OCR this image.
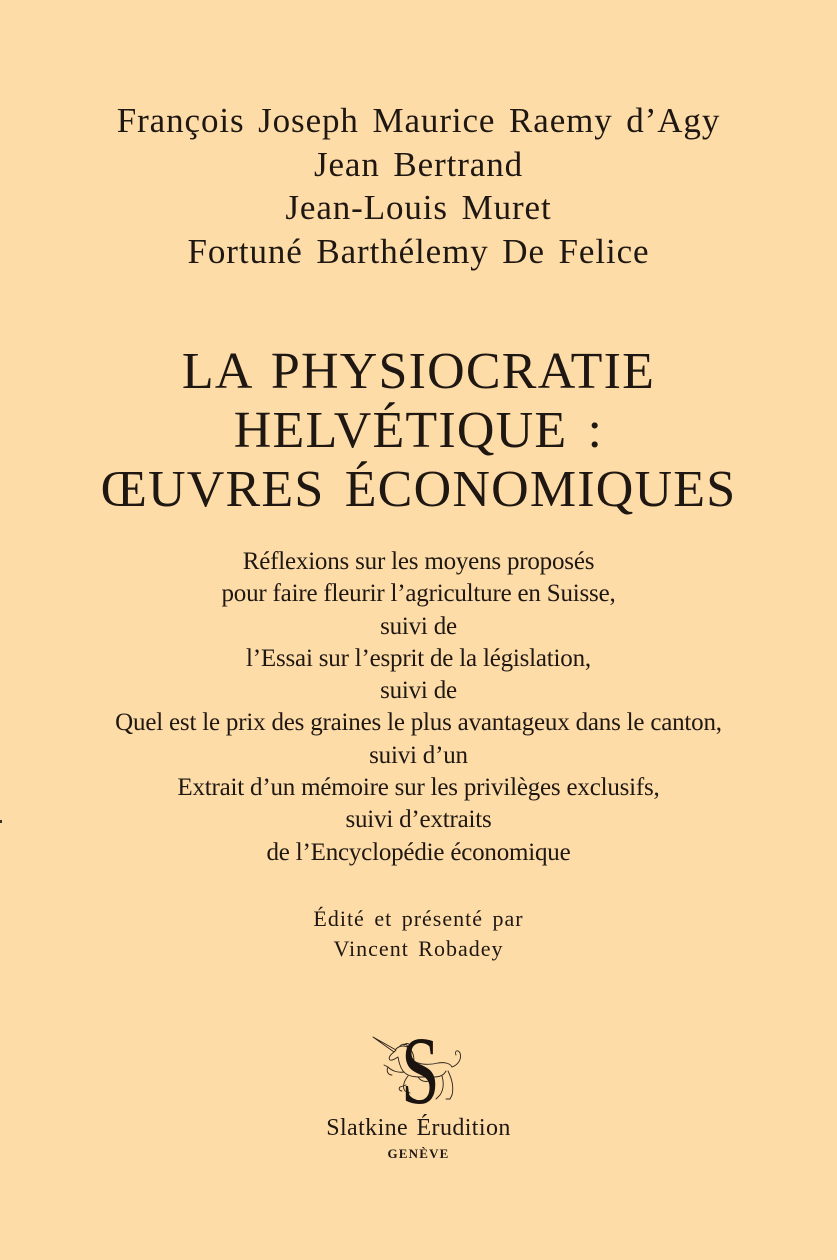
François Joseph Maurice Raemy d’Agy
Jean Bertrand
Jean-Louis Muret
Fortuné Barthélemy De Felice
LA PHYSIOCRATIE
HELVÉTIQUE :
ŒUVRES ÉCONOMIQUES
Réflexions sur les moyens proposés
pour faire fleurir l’agriculture en Suisse,
suivi de
l’Essai sur l’esprit de la législation,
suivi de
Quel est le prix des graines le plus avantageux dans le canton,
suivi d’un
Extrait d’un mémoire sur les privilèges exclusifs,
suivi d’extraits
de l’Encyclopédie économique
Édité et présenté par
Vincent Robadey
S
Slatkine Érudition
GENÈVE
